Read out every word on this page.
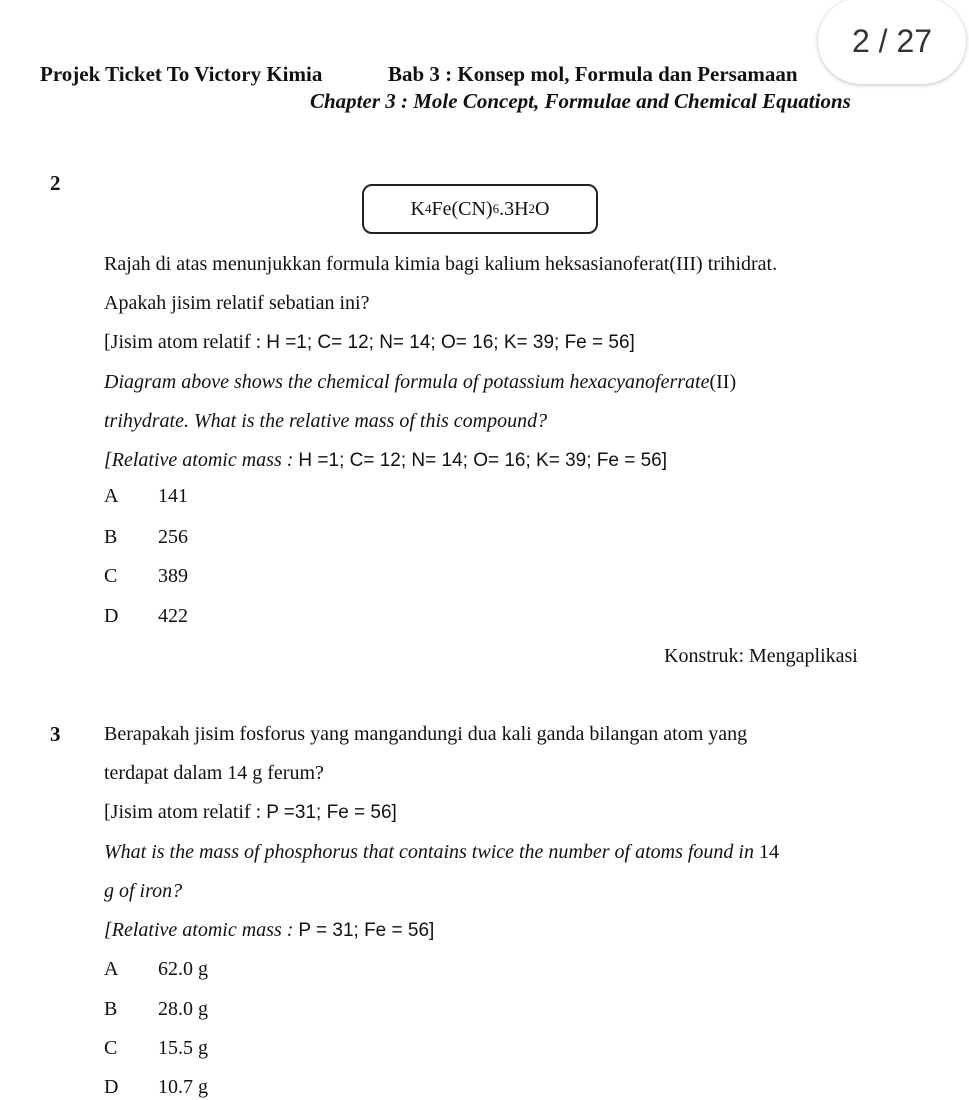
2 / 27
Projek Ticket To Victory Kimia	Bab 3 : Konsep mol, Formula dan Persamaan
Chapter 3 : Mole Concept, Formulae and Chemical Equations
2
K 4 Fe(CN) 6 .3H 2 O
Rajah di atas menunjukkan formula kimia bagi kalium heksasianoferat(III) trihidrat.
Apakah jisim relatif sebatian ini?
[Jisim atom relatif : H =1; C= 12; N= 14; O= 16; K= 39; Fe = 56]
Diagram above shows the chemical formula of potassium hexacyanoferrate(II)
trihydrate. What is the relative mass of this compound?
[Relative atomic mass : H =1; C= 12; N= 14; O= 16; K= 39; Fe = 56]
A 141
B 256
C 389
D 422
Konstruk: Mengaplikasi
3 Berapakah jisim fosforus yang mangandungi dua kali ganda bilangan atom yang
terdapat dalam 14 g ferum?
[Jisim atom relatif : P =31; Fe = 56]
What is the mass of phosphorus that contains twice the number of atoms found in 14
g of iron?
[Relative atomic mass : P = 31; Fe = 56]
A 62.0 g
B 28.0 g
C 15.5 g
D 10.7 g
